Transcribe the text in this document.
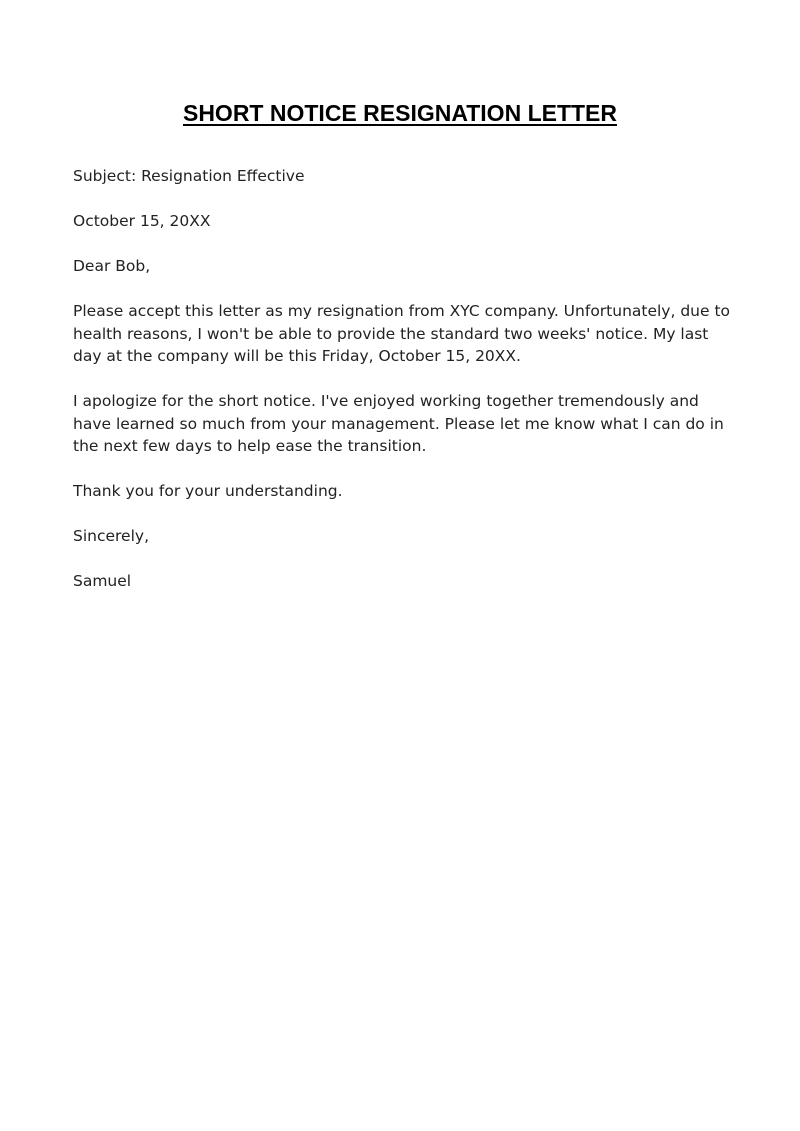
SHORT NOTICE RESIGNATION LETTER

Subject: Resignation Effective

October 15, 20XX

Dear Bob,

Please accept this letter as my resignation from XYC company. Unfortunately, due to health reasons, I won't be able to provide the standard two weeks' notice. My last day at the company will be this Friday, October 15, 20XX.

I apologize for the short notice. I've enjoyed working together tremendously and have learned so much from your management. Please let me know what I can do in the next few days to help ease the transition.

Thank you for your understanding.

Sincerely,

Samuel
